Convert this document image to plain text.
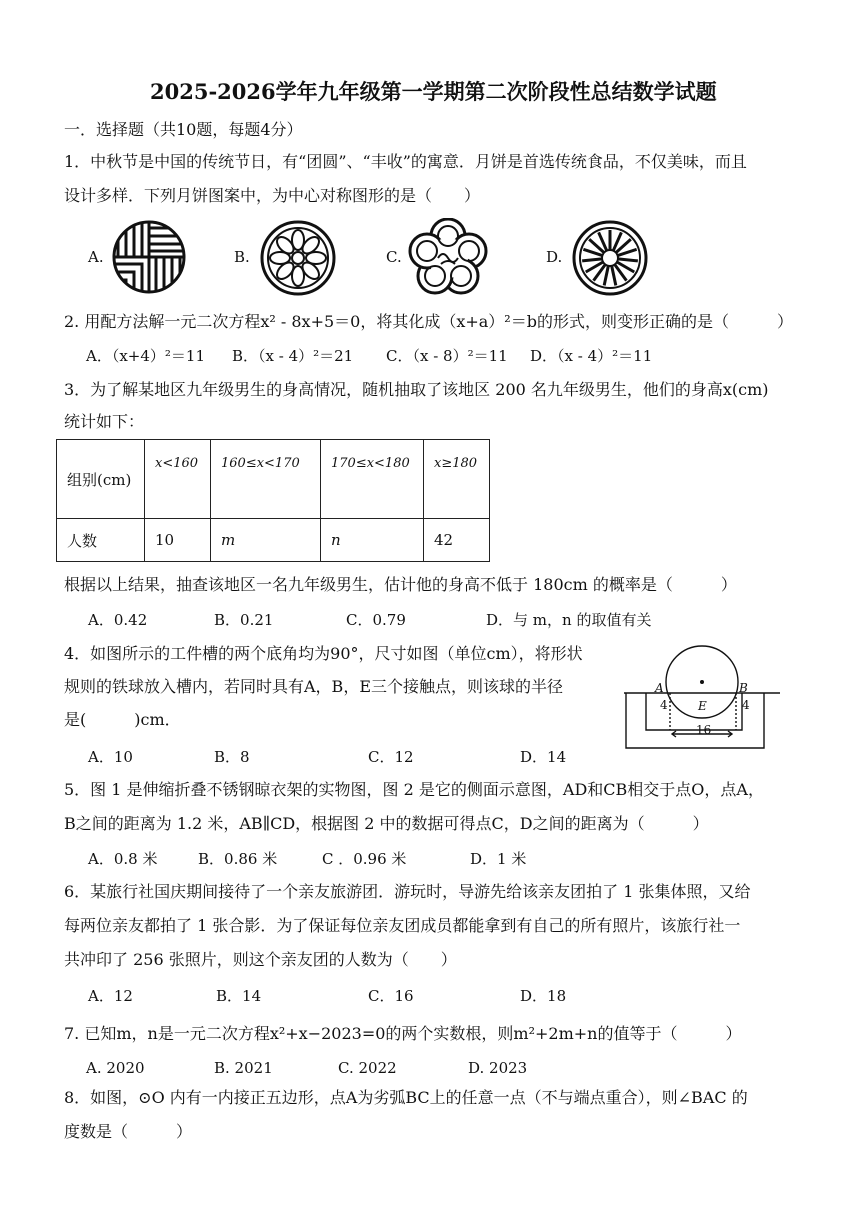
2025-2026学年九年级第一学期第二次阶段性总结数学试题
一．选择题（共10题，每题4分）
1．中秋节是中国的传统节日，有“团圆”、“丰收”的寓意．月饼是首选传统食品，不仅美味，而且
设计多样．下列月饼图案中，为中心对称图形的是（　　）
A.	B.	C.	D.
2. 用配方法解一元二次方程x² - 8x+5＝0，将其化成（x+a）²＝b的形式，则变形正确的是（　　　）
A．（x+4）²＝11 B．（x - 4）²＝21 C．（x - 8）²＝11 D．（x - 4）²＝11
3．为了解某地区九年级男生的身高情况，随机抽取了该地区 200 名九年级男生，他们的身高x(cm)
统计如下：
组别(cm)	x<160	160≤x<170	170≤x<180	x≥180

人数	10	m	n	42
根据以上结果，抽查该地区一名九年级男生，估计他的身高不低于 180cm 的概率是（　　　）
A．0.42	B．0.21	C．0.79	D．与 m，n 的取值有关
4．如图所示的工件槽的两个底角均为90°，尺寸如图（单位cm），将形状
规则的铁球放入槽内，若同时具有A，B，E三个接触点，则该球的半径
是(　　　)cm．
A．10	B．8	C．12	D．14
A	B
E
4	4
16
5．图 1 是伸缩折叠不锈钢晾衣架的实物图，图 2 是它的侧面示意图，AD和CB相交于点O，点A，
B之间的距离为 1.2 米，AB∥CD，根据图 2 中的数据可得点C，D之间的距离为（　　　）
A．0.8 米	B．0.86 米	C ．0.96 米	D．1 米
6．某旅行社国庆期间接待了一个亲友旅游团．游玩时，导游先给该亲友团拍了 1 张集体照，又给
每两位亲友都拍了 1 张合影．为了保证每位亲友团成员都能拿到有自己的所有照片，该旅行社一
共冲印了 256 张照片，则这个亲友团的人数为（　　）
A．12	B．14	C．16	D．18
7. 已知m，n是一元二次方程x²+x−2023=0的两个实数根，则m²+2m+n的值等于（　　　）
A. 2020	B. 2021	C. 2022	D. 2023
8．如图，⊙O 内有一内接正五边形，点A为劣弧BC上的任意一点（不与端点重合），则∠BAC 的
度数是（　　　）
